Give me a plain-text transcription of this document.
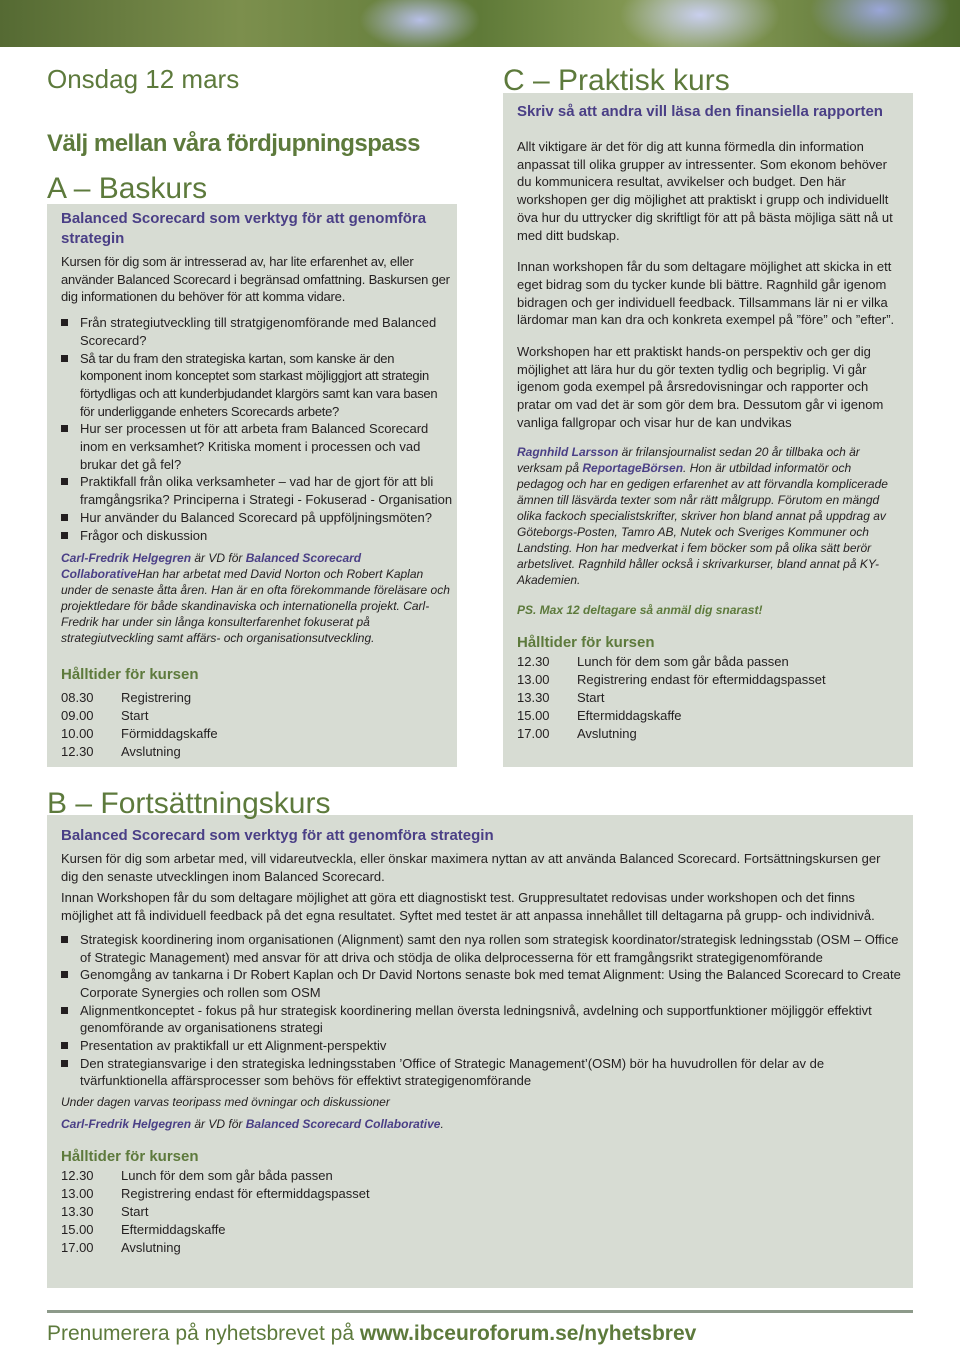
Onsdag 12 mars
Välj mellan våra fördjupningspass
A – Baskurs
Balanced Scorecard som verktyg för att genomföra strategin

Kursen för dig som är intresserad av, har lite erfarenhet av, eller använder Balanced Scorecard i begränsad omfattning. Baskursen ger dig informationen du behöver för att komma vidare.

Från strategiutveckling till stratgigenomförande med Balanced Scorecard?

Så tar du fram den strategiska kartan, som kanske är den komponent inom konceptet som starkast möjliggjort att strategin förtydligas och att kunderbjudandet klargörs samt kan vara basen för underliggande enheters Scorecards arbete?

Hur ser processen ut för att arbeta fram Balanced Scorecard inom en verksamhet? Kritiska moment i processen och vad brukar det gå fel?

Praktikfall från olika verksamheter – vad har de gjort för att bli framgångsrika? Principerna i Strategi - Fokuserad - Organisation

Hur använder du Balanced Scorecard på uppföljningsmöten?

Frågor och diskussion

Carl-Fredrik Helgegren är VD för Balanced Scorecard CollaborativeHan har arbetat med David Norton och Robert Kaplan under de senaste åtta åren. Han är en ofta förekommande föreläsare och projektledare för både skandinaviska och internationella projekt. Carl-Fredrik har under sin långa konsulterfarenhet fokuserat på strategiutveckling samt affärs- och organisationsutveckling.

Hålltider för kursen
08.30	Registrering
09.00	Start
10.00	Förmiddagskaffe
12.30	Avslutning
C – Praktisk kurs
Skriv så att andra vill läsa den finansiella rapporten

Allt viktigare är det för dig att kunna förmedla din information anpassat till olika grupper av intressenter. Som ekonom behöver du kommunicera resultat, avvikelser och budget. Den här workshopen ger dig möjlighet att praktiskt i grupp och individuellt öva hur du uttrycker dig skriftligt för att på bästa möjliga sätt nå ut med ditt budskap.

Innan workshopen får du som deltagare möjlighet att skicka in ett eget bidrag som du tycker kunde bli bättre. Ragnhild går igenom bidragen och ger individuell feedback. Tillsammans lär ni er vilka lärdomar man kan dra och konkreta exempel på ”före” och ”efter”.

Workshopen har ett praktiskt hands-on perspektiv och ger dig möjlighet att lära hur du gör texten tydlig och begriplig. Vi går igenom goda exempel på årsredovisningar och rapporter och pratar om vad det är som gör dem bra. Dessutom går vi igenom vanliga fallgropar och visar hur de kan undvikas

Ragnhild Larsson är frilansjournalist sedan 20 år tillbaka och är verksam på ReportageBörsen. Hon är utbildad informatör och pedagog och har en gedigen erfarenhet av att förvandla komplicerade ämnen till läsvärda texter som når rätt målgrupp. Förutom en mängd olika fackoch specialistskrifter, skriver hon bland annat på uppdrag av Göteborgs-Posten, Tamro AB, Nutek och Sveriges Kommuner och Landsting. Hon har medverkat i fem böcker som på olika sätt berör arbetslivet. Ragnhild håller också i skrivarkurser, bland annat på KY-Akademien.

PS. Max 12 deltagare så anmäl dig snarast!

Hålltider för kursen
12.30	Lunch för dem som går båda passen
13.00	Registrering endast för eftermiddagspasset
13.30	Start
15.00	Eftermiddagskaffe
17.00	Avslutning
B – Fortsättningskurs
Balanced Scorecard som verktyg för att genomföra strategin

Kursen för dig som arbetar med, vill vidareutveckla, eller önskar maximera nyttan av att använda Balanced Scorecard. Fortsättningskursen ger dig den senaste utvecklingen inom Balanced Scorecard.

Innan Workshopen får du som deltagare möjlighet att göra ett diagnostiskt test. Gruppresultatet redovisas under workshopen och det finns möjlighet att få individuell feedback på det egna resultatet. Syftet med testet är att anpassa innehållet till deltagarna på grupp- och individnivå.

Strategisk koordinering inom organisationen (Alignment) samt den nya rollen som strategisk koordinator/strategisk ledningsstab (OSM – Office of Strategic Management) med ansvar för att driva och stödja de olika delprocesserna för ett framgångsrikt strategigenomförande

Genomgång av tankarna i Dr Robert Kaplan och Dr David Nortons senaste bok med temat Alignment: Using the Balanced Scorecard to Create Corporate Synergies och rollen som OSM

Alignmentkonceptet - fokus på hur strategisk koordinering mellan översta ledningsnivå, avdelning och supportfunktioner möjliggör effektivt genomförande av organisationens strategi

Presentation av praktikfall ur ett Alignment-perspektiv

Den strategiansvarige i den strategiska ledningsstaben ’Office of Strategic Management’(OSM) bör ha huvudrollen för delar av de tvärfunktionella affärsprocesser som behövs för effektivt strategigenomförande

Under dagen varvas teoripass med övningar och diskussioner

Carl-Fredrik Helgegren är VD för Balanced Scorecard Collaborative.

Hålltider för kursen
12.30	Lunch för dem som går båda passen
13.00	Registrering endast för eftermiddagspasset
13.30	Start
15.00	Eftermiddagskaffe
17.00	Avslutning
Prenumerera på nyhetsbrevet på www.ibceuroforum.se/nyhetsbrev
